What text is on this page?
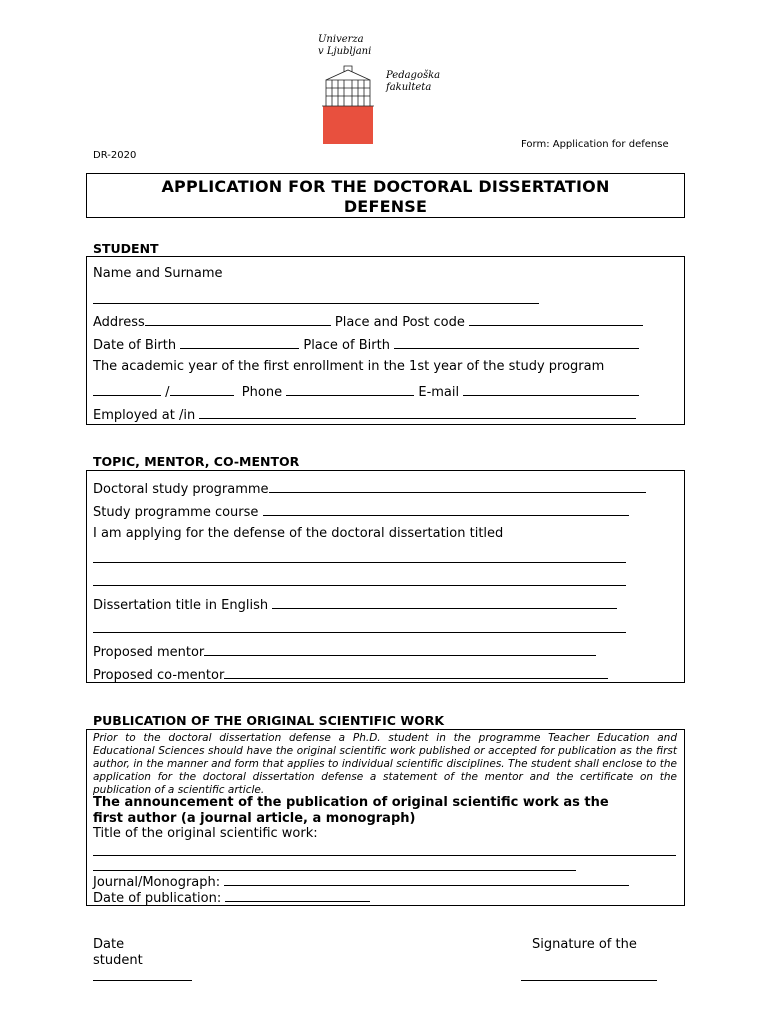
Univerza
v Ljubljani
Pedagoška
fakulteta
Form: Application for defense
DR-2020
APPLICATION FOR THE DOCTORAL DISSERTATION
DEFENSE
STUDENT
Name and Surname
Address	Place and Post code
Date of Birth	Place of Birth
The academic year of the first enrollment in the 1st year of the study program
/	Phone	E-mail
Employed at /in
TOPIC, MENTOR, CO-MENTOR
Doctoral study programme
Study programme course
I am applying for the defense of the doctoral dissertation titled
Dissertation title in English
Proposed mentor
Proposed co-mentor
PUBLICATION OF THE ORIGINAL SCIENTIFIC WORK
Prior to the doctoral dissertation defense a Ph.D. student in the programme Teacher Education and Educational Sciences should have the original scientific work published or accepted for publication as the first author, in the manner and form that applies to individual scientific disciplines. The student shall enclose to the application for the doctoral dissertation defense a statement of the mentor and the certificate on the publication of a scientific article.
The announcement of the publication of original scientific work as the
first author (a journal article, a monograph)
Title of the original scientific work:
Journal/Monograph:
Date of publication:
Date
student
Signature of the
